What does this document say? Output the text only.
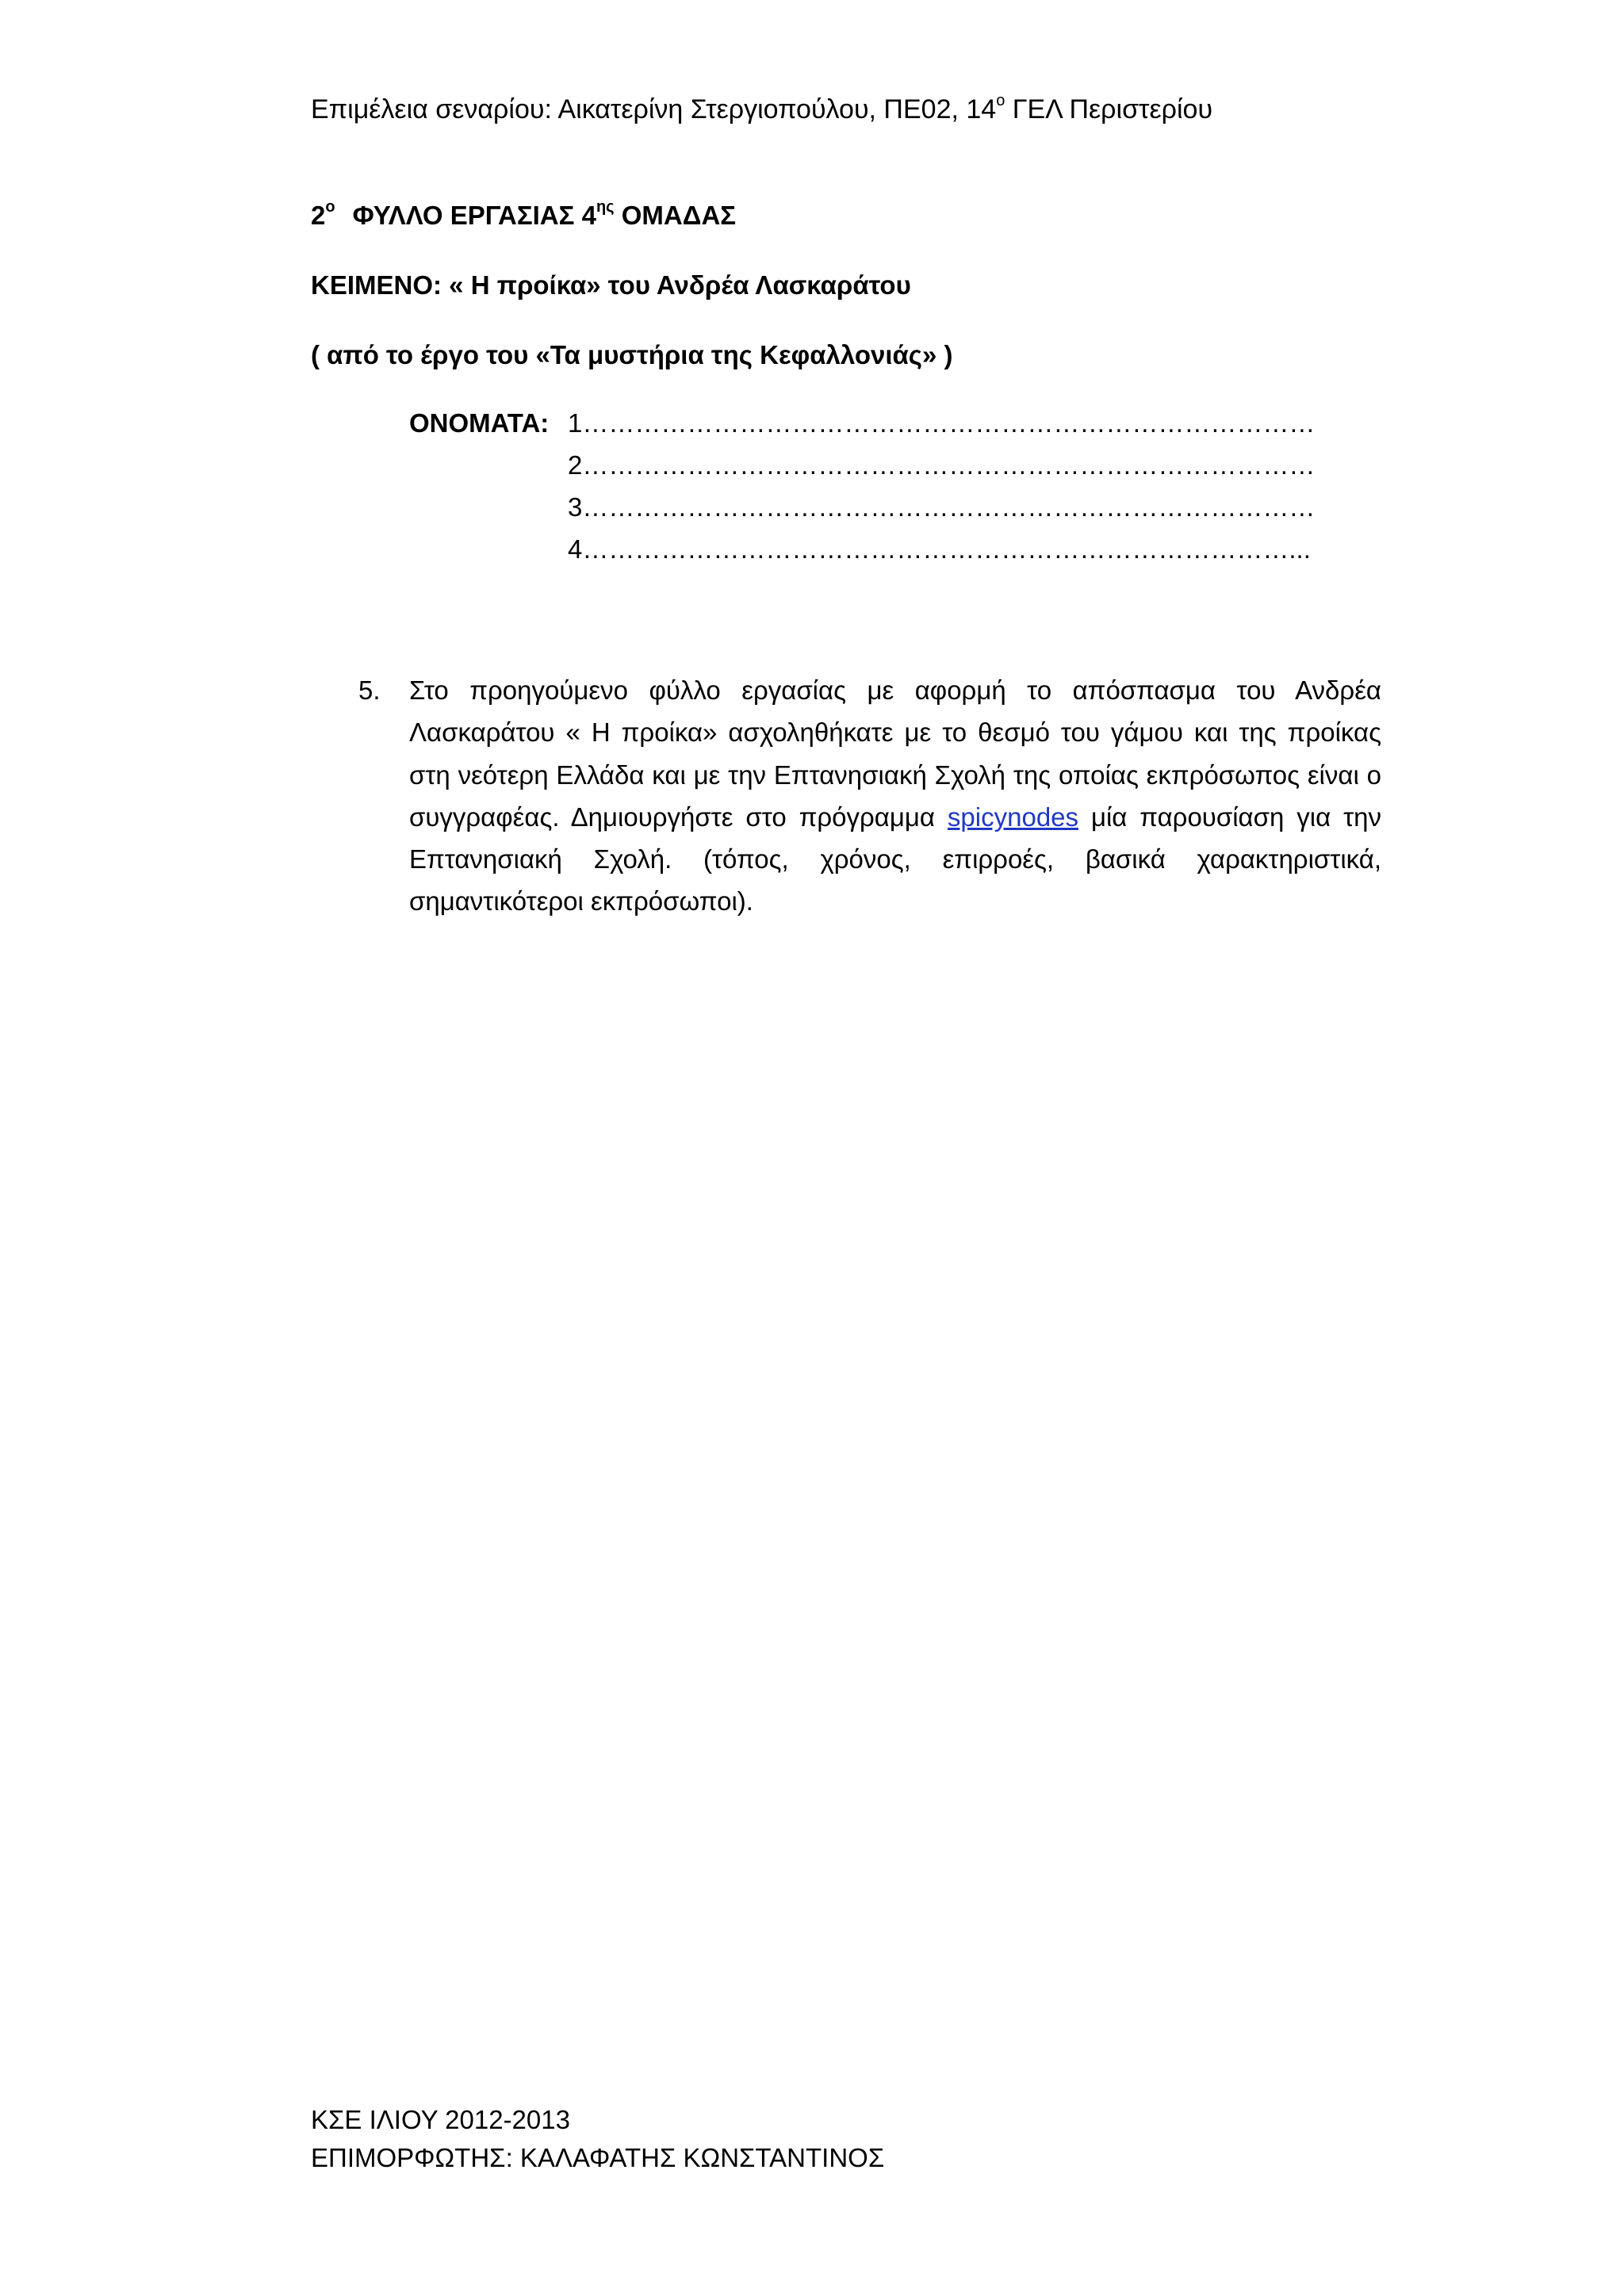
Επιμέλεια σεναρίου: Αικατερίνη Στεργιοπούλου, ΠΕ02, $14^o$ ΓΕΛ Περιστερίου
$2^o$ ΦΥΛΛΟ ΕΡΓΑΣΙΑΣ $4^{\eta\varsigma}$ ΟΜΑΔΑΣ
ΚΕΙΜΕΝΟ: « Η προίκα» του Ανδρέα Λασκαράτου
( από το έργο του «Τα μυστήρια της Κεφαλλονιάς» )
ΟΝΟΜΑΤΑ: 1…………………………………………………………………………
2…………………………………………………………………………
3…………………………………………………………………………
4………………………………………………………………………...
5. Στο προηγούμενο φύλλο εργασίας με αφορμή το απόσπασμα του Ανδρέα Λασκαράτου « Η προίκα» ασχοληθήκατε με το θεσμό του γάμου και της προίκας στη νεότερη Ελλάδα και με την Επτανησιακή Σχολή της οποίας εκπρόσωπος είναι ο συγγραφέας. Δημιουργήστε στο πρόγραμμα spicynodes μία παρουσίαση για την Επτανησιακή Σχολή. (τόπος, χρόνος, επιρροές, βασικά χαρακτηριστικά, σημαντικότεροι εκπρόσωποι).
ΚΣΕ ΙΛΙΟΥ 2012-2013
ΕΠΙΜΟΡΦΩΤΗΣ: ΚΑΛΑΦΑΤΗΣ ΚΩΝΣΤΑΝΤΙΝΟΣ
